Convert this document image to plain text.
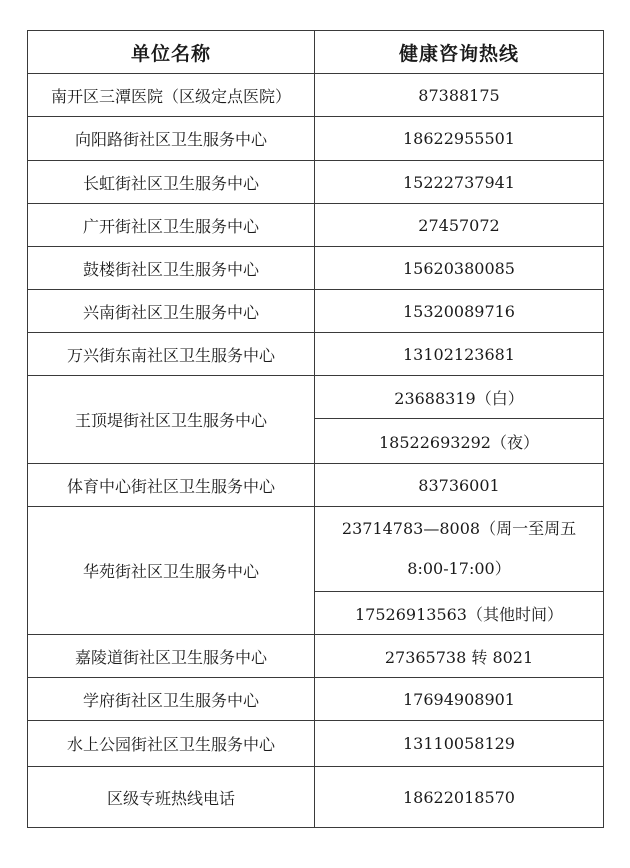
单位名称	健康咨询热线
南开区三潭医院（区级定点医院）	87388175
向阳路街社区卫生服务中心	18622955501
长虹街社区卫生服务中心	15222737941
广开街社区卫生服务中心	27457072
鼓楼街社区卫生服务中心	15620380085
兴南街社区卫生服务中心	15320089716
万兴街东南社区卫生服务中心	13102123681
王顶堤街社区卫生服务中心	23688319（白）
	18522693292（夜）
体育中心街社区卫生服务中心	83736001
华苑街社区卫生服务中心	23714783—8008（周一至周五
8:00-17:00）

	17526913563（其他时间）
嘉陵道街社区卫生服务中心	27365738 转 8021
学府街社区卫生服务中心	17694908901
水上公园街社区卫生服务中心	13110058129
区级专班热线电话	18622018570
